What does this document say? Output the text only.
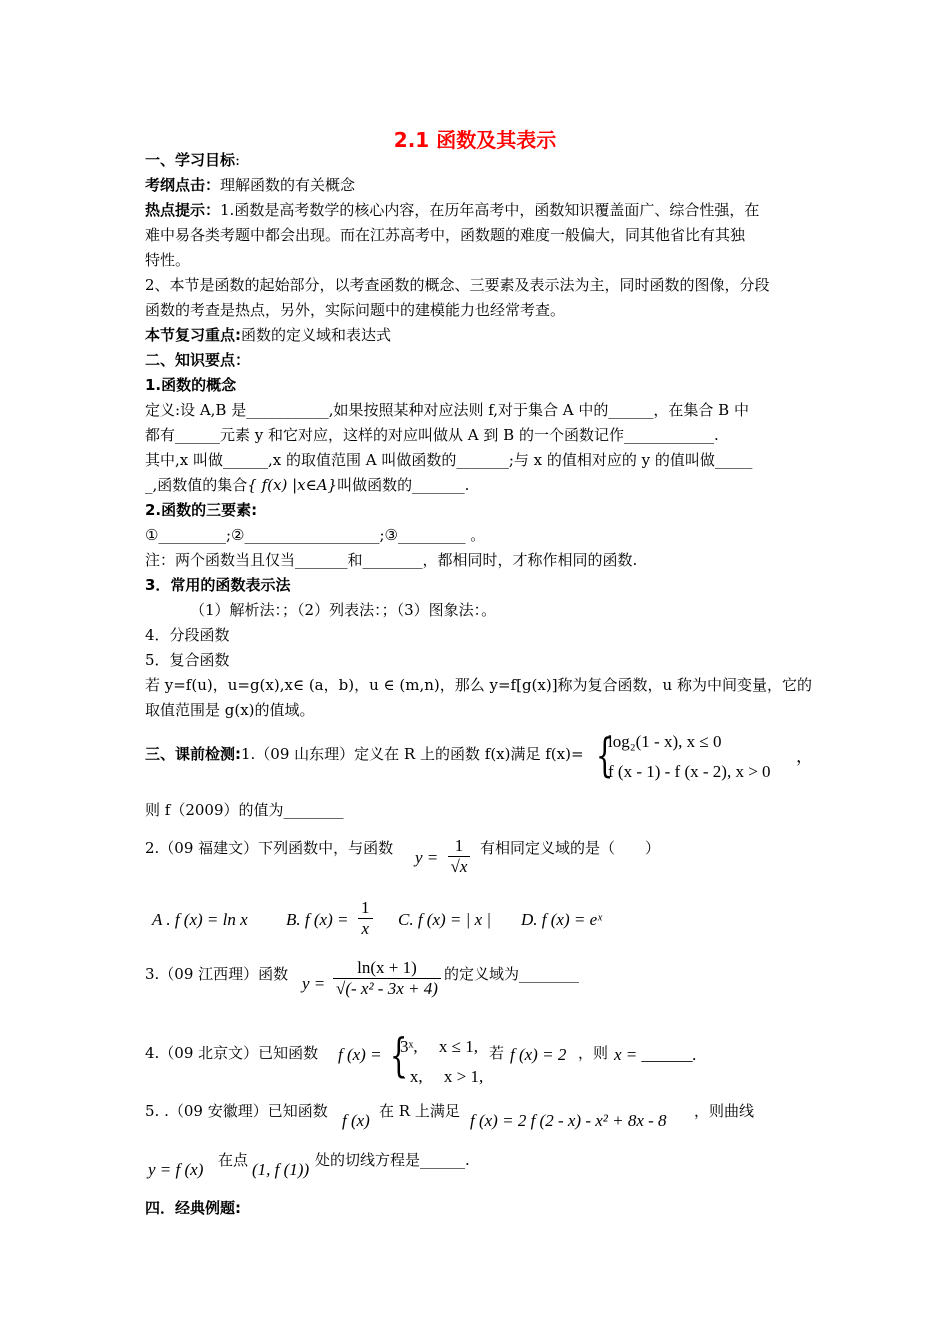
2.1 函数及其表示
一、学习目标:
考纲点击：理解函数的有关概念
热点提示：1.函数是高考数学的核心内容，在历年高考中，函数知识覆盖面广、综合性强，在
难中易各类考题中都会出现。而在江苏高考中，函数题的难度一般偏大，同其他省比有其独
特性。
2、本节是函数的起始部分，以考查函数的概念、三要素及表示法为主，同时函数的图像，分段
函数的考查是热点，另外，实际问题中的建模能力也经常考查。
本节复习重点:函数的定义域和表达式
二、知识要点：
1.函数的概念
定义:设 A,B 是___________,如果按照某种对应法则 f,对于集合 A 中的______，在集合 B 中
都有______元素 y 和它对应，这样的对应叫做从 A 到 B 的一个函数记作____________.
其中,x 叫做______,x 的取值范围 A 叫做函数的_______;与 x 的值相对应的 y 的值叫做_____
_,函数值的集合{ f(x) |x∈A}叫做函数的_______.
2.函数的三要素:
①_________;②__________________;③_________ 。
注：两个函数当且仅当_______和________，都相同时，才称作相同的函数.
3．常用的函数表示法
（1）解析法：；（2）列表法：；（3）图象法：。
4．分段函数
5．复合函数
若 y=f(u)，u=g(x),x∈ (a，b)，u ∈ (m,n)，那么 y=f[g(x)]称为复合函数，u 称为中间变量，它的
取值范围是 g(x)的值域。
三、课前检测:1.（09 山东理）定义在 R 上的函数 f(x)满足 f(x)= {
log₂(1 - x), x ≤ 0
f (x - 1) - f (x - 2), x > 0
，
则 f（2009）的值为________
2.（09 福建文）下列函数中，与函数 $y = \frac{1}{√x}$ 有相同定义域的是（　　）
A . f (x) = ln x B. f $(x) = \frac{1}{x} C$. f (x) = | x | D. f (x) = eˣ
3.（09 江西理）函数 $y = \frac{\ln(x + 1)}{\text{√(- x² - 3x + 4)}}$ 的定义域为________
4.（09 北京文）已知函数 f (x) = {
3ˣ,　 x ≤ 1,
- x,　 x > 1,
若 f (x) = 2 ，则 x = ______.
5. .（09 安徽理）已知函数 f (x) 在 R 上满足 f (x) = 2 f (2 - x) - x² + 8x - 8 ，则曲线
y = f (x) 在点 (1, f (1)) 处的切线方程是______.
四．经典例题:
